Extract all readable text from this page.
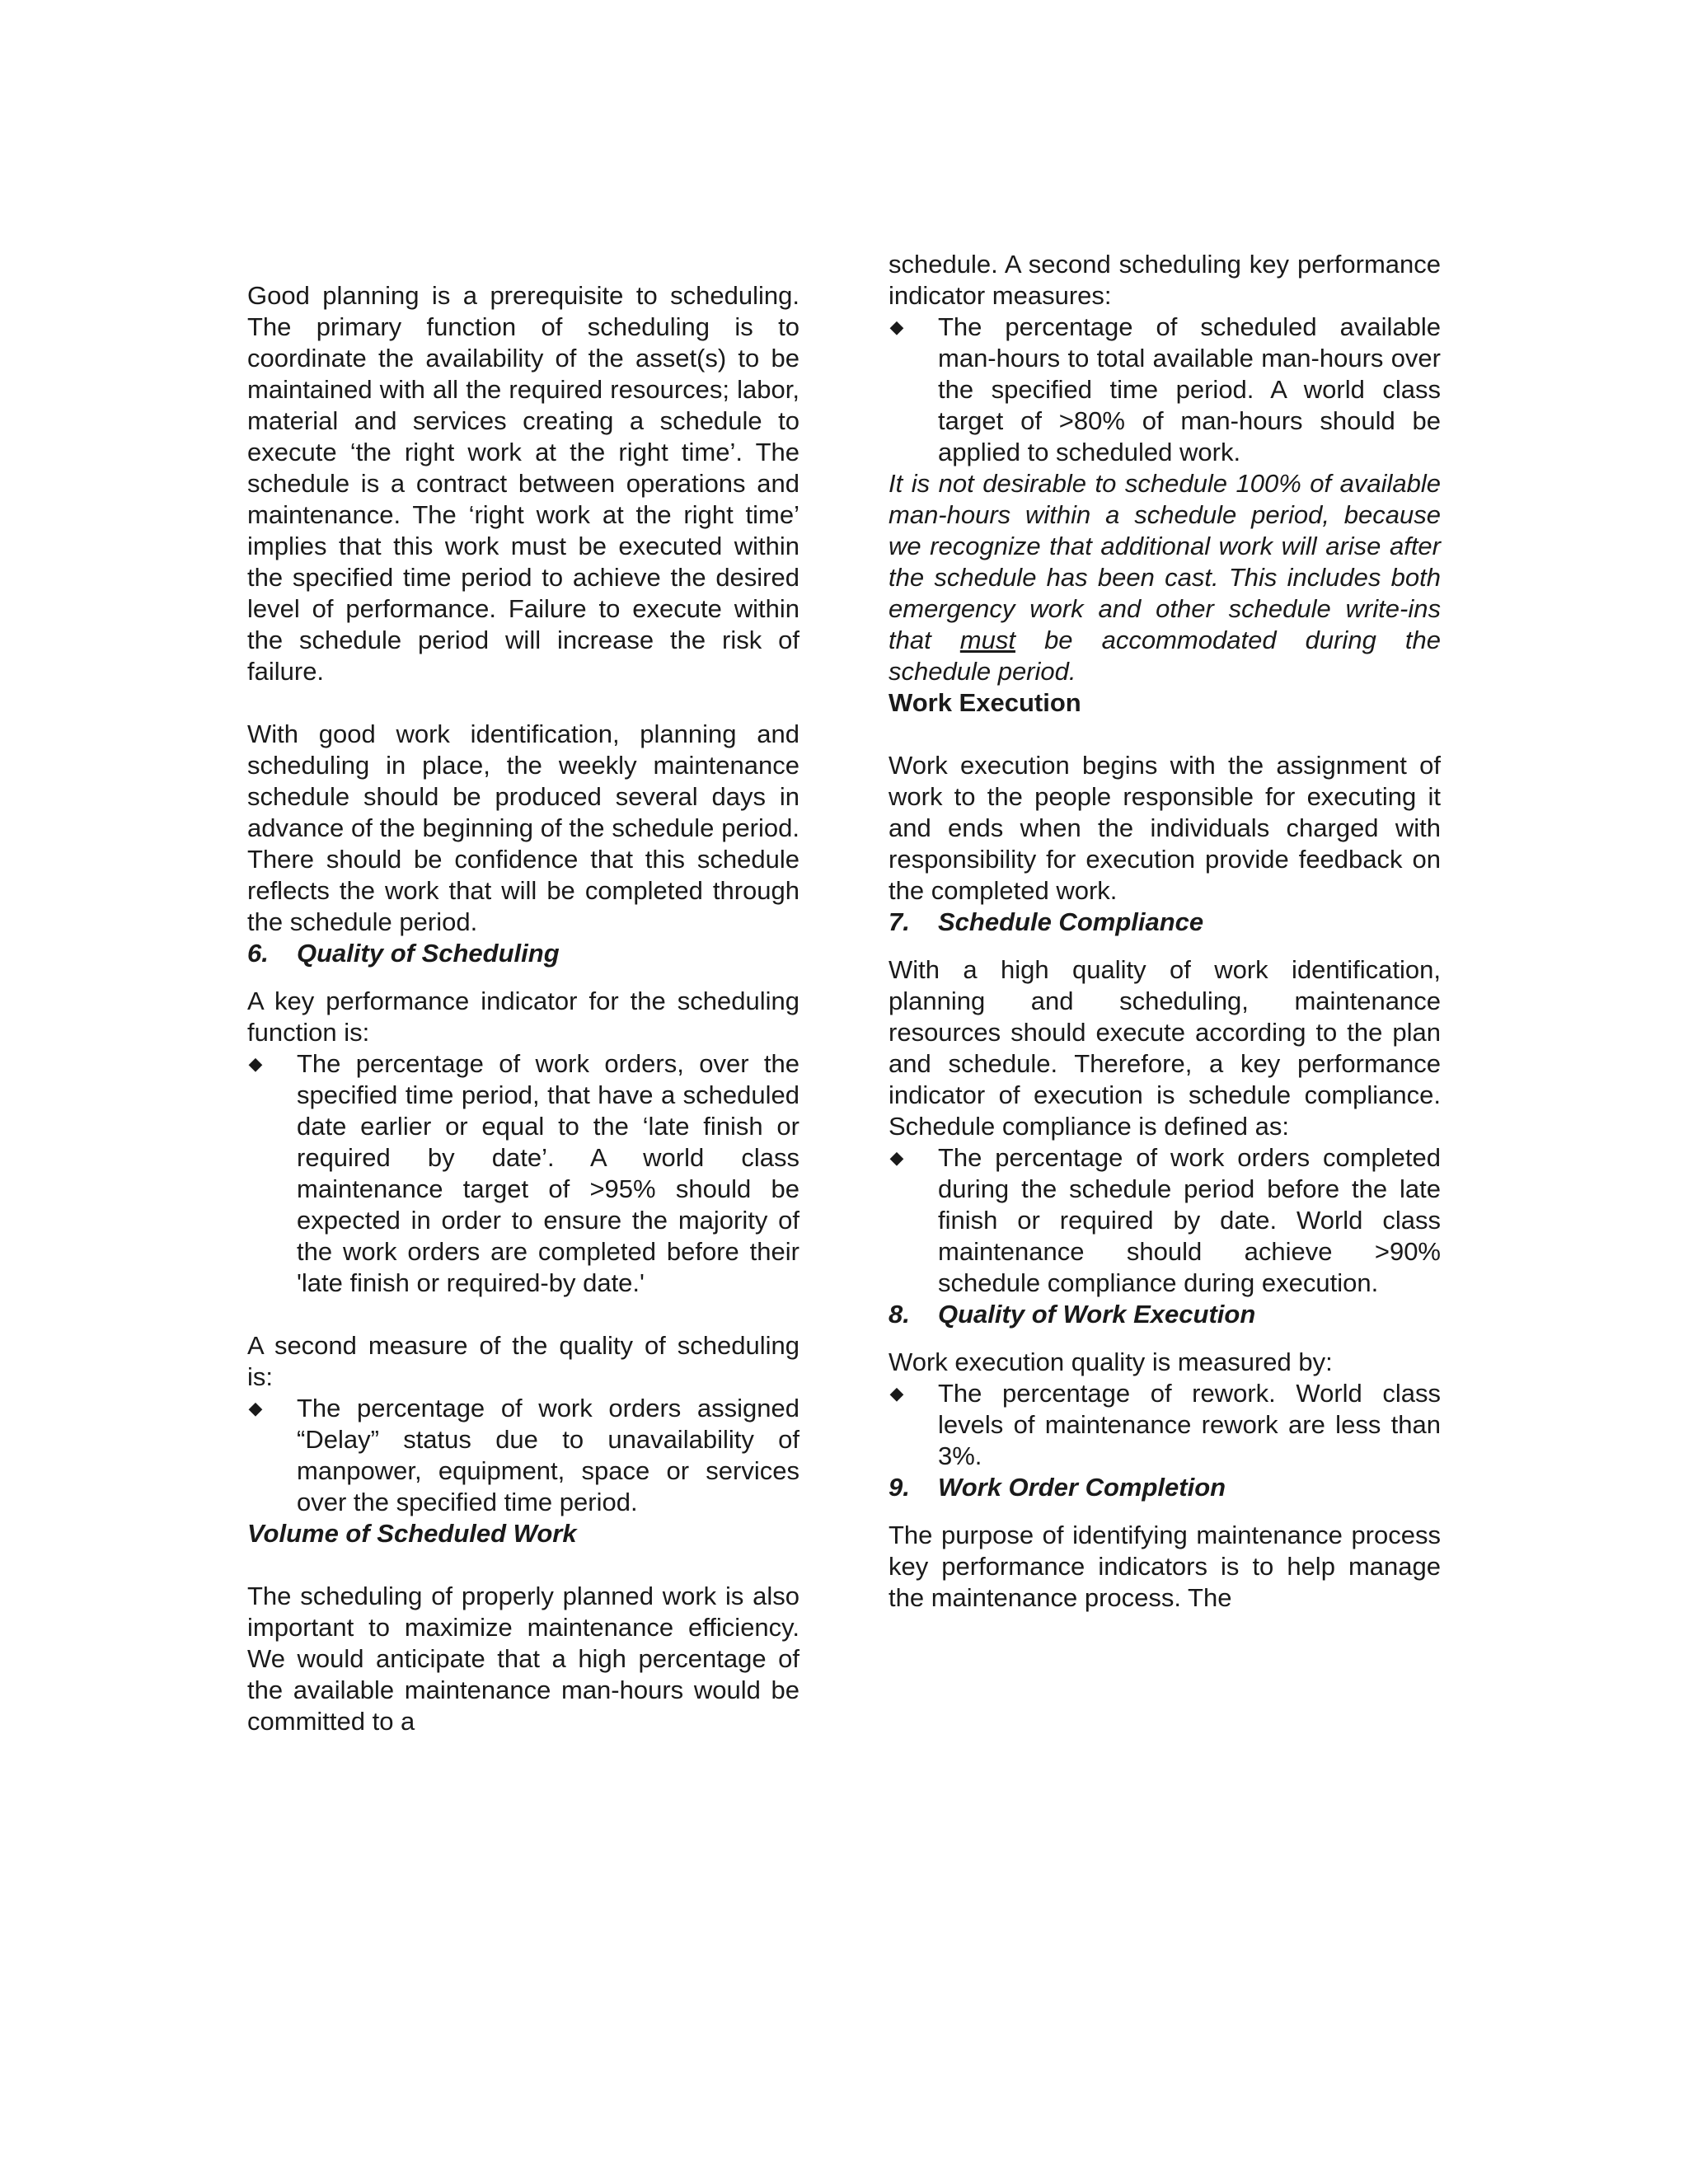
Good planning is a prerequisite to scheduling. The primary function of scheduling is to coordinate the availability of the asset(s) to be maintained with all the required resources; labor, material and services creating a schedule to execute ‘the right work at the right time’. The schedule is a contract between operations and maintenance. The ‘right work at the right time’ implies that this work must be executed within the specified time period to achieve the desired level of performance. Failure to execute within the schedule period will increase the risk of failure.

With good work identification, planning and scheduling in place, the weekly maintenance schedule should be produced several days in advance of the beginning of the schedule period. There should be confidence that this schedule reflects the work that will be completed through the schedule period.

6. Quality of Scheduling

A key performance indicator for the scheduling function is:

◆ The percentage of work orders, over the specified time period, that have a scheduled date earlier or equal to the ‘late finish or required by date’. A world class maintenance target of >95% should be expected in order to ensure the majority of the work orders are completed before their 'late finish or required-by date.'

A second measure of the quality of scheduling is:

◆ The percentage of work orders assigned “Delay” status due to unavailability of manpower, equipment, space or services over the specified time period.
Volume of Scheduled Work

The scheduling of properly planned work is also important to maximize maintenance efficiency. We would anticipate that a high percentage of the available maintenance man-hours would be committed to a

schedule. A second scheduling key performance indicator measures:

◆ The percentage of scheduled available man-hours to total available man-hours over the specified time period. A world class target of >80% of man-hours should be applied to scheduled work.

It is not desirable to schedule 100% of available man-hours within a schedule period, because we recognize that additional work will arise after the schedule has been cast. This includes both emergency work and other schedule write-ins that must be accommodated during the schedule period.

Work Execution

Work execution begins with the assignment of work to the people responsible for executing it and ends when the individuals charged with responsibility for execution provide feedback on the completed work.

7. Schedule Compliance

With a high quality of work identification, planning and scheduling, maintenance resources should execute according to the plan and schedule. Therefore, a key performance indicator of execution is schedule compliance. Schedule compliance is defined as:

◆ The percentage of work orders completed during the schedule period before the late finish or required by date. World class maintenance should achieve >90% schedule compliance during execution.
8. Quality of Work Execution

Work execution quality is measured by:

◆ The percentage of rework. World class levels of maintenance rework are less than 3%.
9. Work Order Completion

The purpose of identifying maintenance process key performance indicators is to help manage the maintenance process. The
